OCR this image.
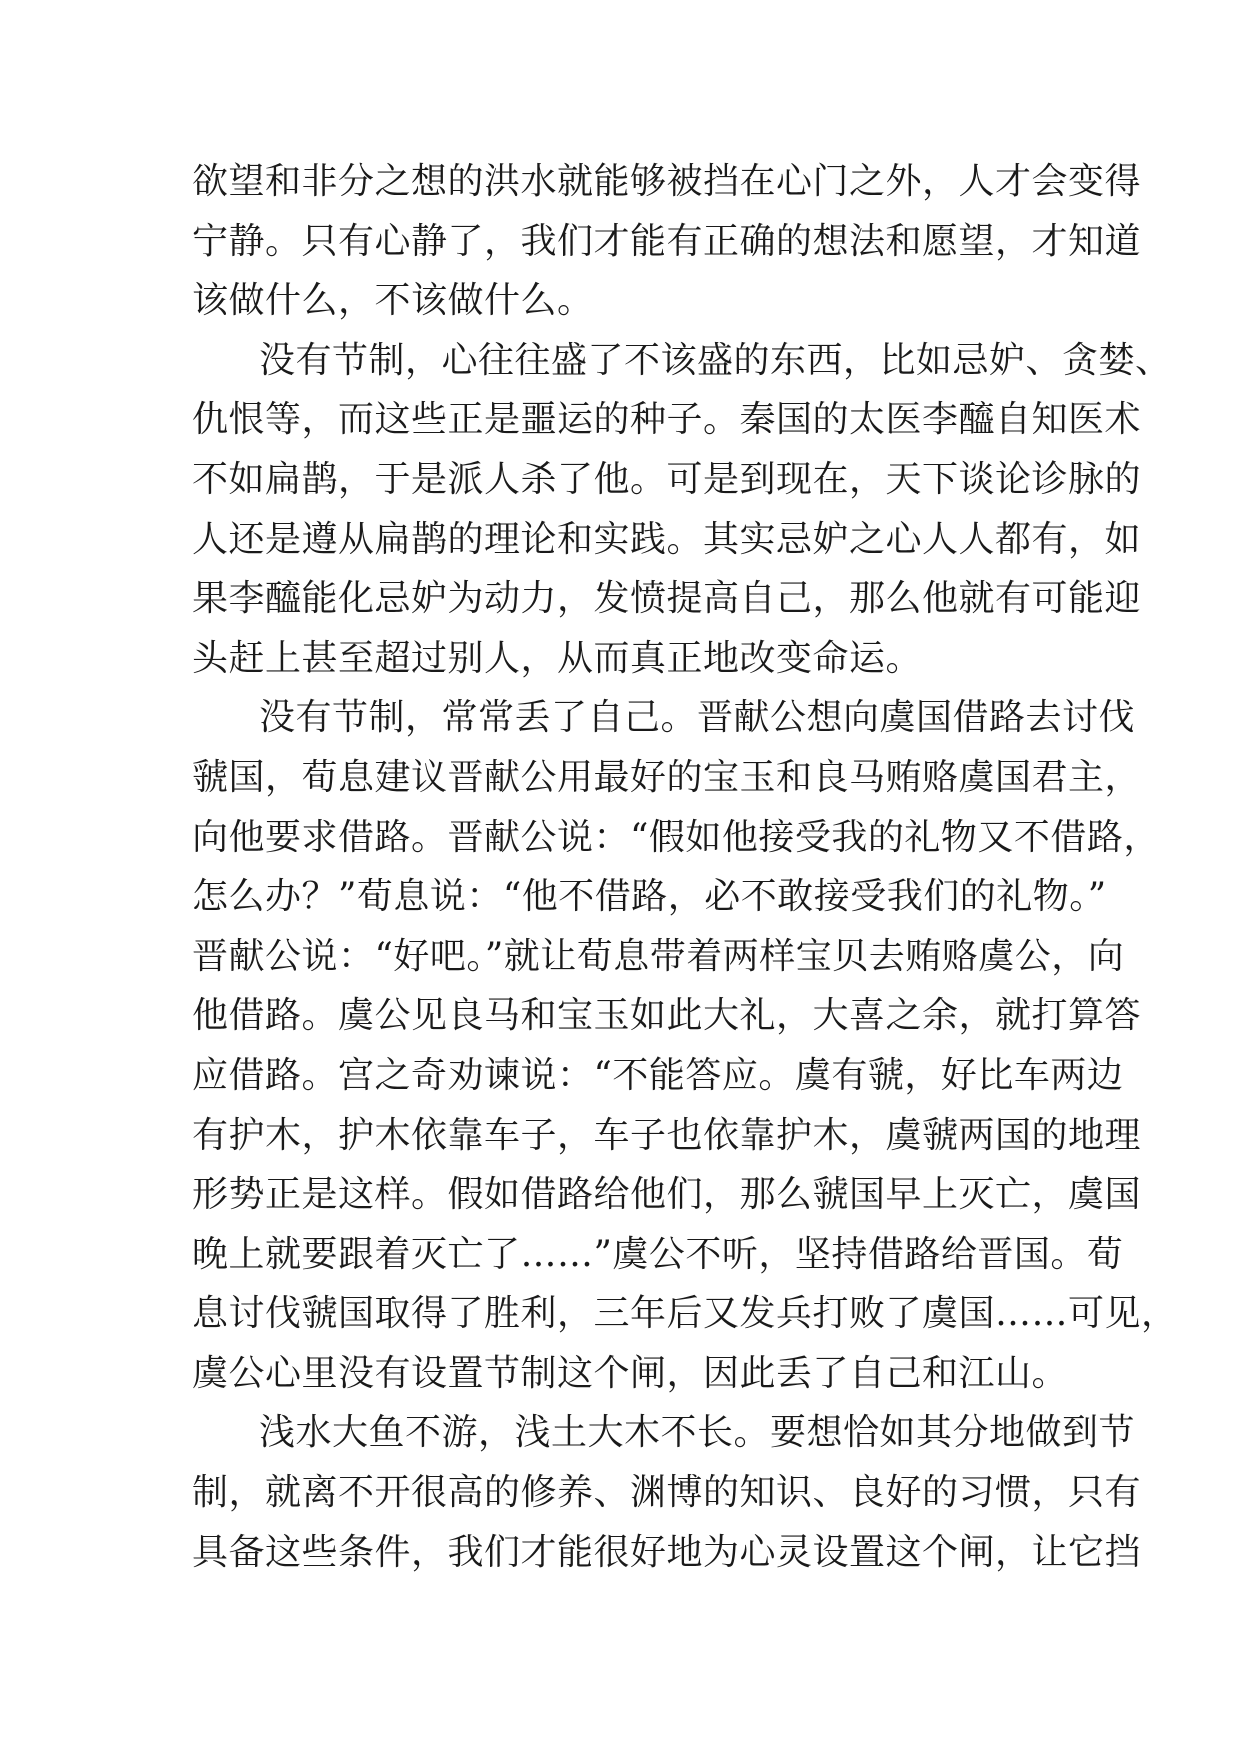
欲望和非分之想的洪水就能够被挡在心门之外，人才会变得
宁静。只有心静了，我们才能有正确的想法和愿望，才知道
该做什么，不该做什么。
没有节制，心往往盛了不该盛的东西，比如忌妒、贪婪、
仇恨等，而这些正是噩运的种子。秦国的太医李醯自知医术
不如扁鹊，于是派人杀了他。可是到现在，天下谈论诊脉的
人还是遵从扁鹊的理论和实践。其实忌妒之心人人都有，如
果李醯能化忌妒为动力，发愤提高自己，那么他就有可能迎
头赶上甚至超过别人，从而真正地改变命运。
没有节制，常常丢了自己。晋献公想向虞国借路去讨伐
虢国，荀息建议晋献公用最好的宝玉和良马贿赂虞国君主，
向他要求借路。晋献公说：“假如他接受我的礼物又不借路，
怎么办？”荀息说：“他不借路，必不敢接受我们的礼物。”
晋献公说：“好吧。”就让荀息带着两样宝贝去贿赂虞公，向
他借路。虞公见良马和宝玉如此大礼，大喜之余，就打算答
应借路。宫之奇劝谏说：“不能答应。虞有虢，好比车两边
有护木，护木依靠车子，车子也依靠护木，虞虢两国的地理
形势正是这样。假如借路给他们，那么虢国早上灭亡，虞国
晚上就要跟着灭亡了……”虞公不听，坚持借路给晋国。荀
息讨伐虢国取得了胜利，三年后又发兵打败了虞国……可见，
虞公心里没有设置节制这个闸，因此丢了自己和江山。
浅水大鱼不游，浅土大木不长。要想恰如其分地做到节
制，就离不开很高的修养、渊博的知识、良好的习惯，只有
具备这些条件，我们才能很好地为心灵设置这个闸，让它挡
